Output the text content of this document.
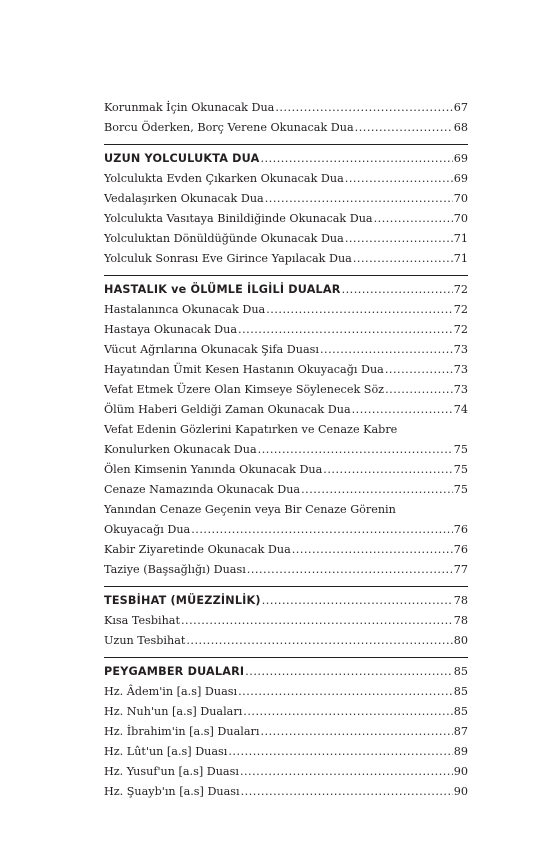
Korunmak İçin Okunacak Dua .....	67
Borcu Öderken, Borç Verene Okunacak Dua .....	68
UZUN YOLCULUKTA DUA .....	69
Yolculukta Evden Çıkarken Okunacak Dua .....	69
Vedalaşırken Okunacak Dua .....	70
Yolculukta Vasıtaya Binildiğinde Okunacak Dua .....	70
Yolculuktan Dönüldüğünde Okunacak Dua .....	71
Yolculuk Sonrası Eve Girince Yapılacak Dua .....	71
HASTALIK ve ÖLÜMLE İLGİLİ DUALAR .....	72
Hastalanınca Okunacak Dua .....	72
Hastaya Okunacak Dua .....	72
Vücut Ağrılarına Okunacak Şifa Duası .....	73
Hayatından Ümit Kesen Hastanın Okuyacağı Dua .....	73
Vefat Etmek Üzere Olan Kimseye Söylenecek Söz .....	73
Ölüm Haberi Geldiği Zaman Okunacak Dua .....	74
Vefat Edenin Gözlerini Kapatırken ve Cenaze Kabre
Konulurken Okunacak Dua .....	75
Ölen Kimsenin Yanında Okunacak Dua .....	75
Cenaze Namazında Okunacak Dua .....	75
Yanından Cenaze Geçenin veya Bir Cenaze Görenin
Okuyacağı Dua .....	76
Kabir Ziyaretinde Okunacak Dua .....	76
Taziye (Başsağlığı) Duası .....	77
TESBİHAT (MÜEZZİNLİK) .....	78
Kısa Tesbihat .....	78
Uzun Tesbihat .....	80
PEYGAMBER DUALARI .....	85
Hz. Âdem'in [a.s] Duası .....	85
Hz. Nuh'un [a.s] Duaları .....	85
Hz. İbrahim'in [a.s] Duaları .....	87
Hz. Lût'un [a.s] Duası .....	89
Hz. Yusuf'un [a.s] Duası .....	90
Hz. Şuayb'ın [a.s] Duası .....	90
